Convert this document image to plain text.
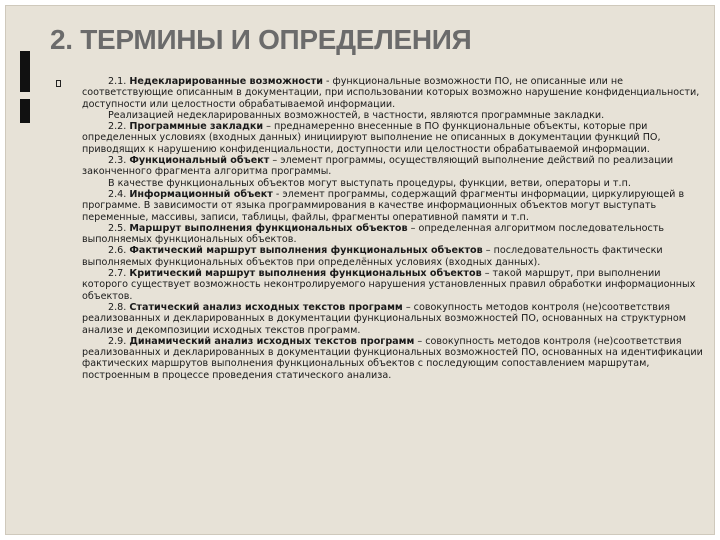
2. ТЕРМИНЫ И ОПРЕДЕЛЕНИЯ

2.1. Недекларированные возможности - функциональные возможности ПО, не описанные или не соответствующие описанным в документации, при использовании которых возможно нарушение конфиденциальности, доступности или целостности обрабатываемой информации.

Реализацией недекларированных возможностей, в частности, являются программные закладки.

2.2. Программные закладки – преднамеренно внесенные в ПО функциональные объекты, которые при определенных условиях (входных данных) инициируют выполнение не описанных в документации функций ПО, приводящих к нарушению конфиденциальности, доступности или целостности обрабатываемой информации.

2.3. Функциональный объект – элемент программы, осуществляющий выполнение действий по реализации законченного фрагмента алгоритма программы.

В качестве функциональных объектов могут выступать процедуры, функции, ветви, операторы и т.п.

2.4. Информационный объект - элемент программы, содержащий фрагменты информации, циркулирующей в программе. В зависимости от языка программирования в качестве информационных объектов могут выступать переменные, массивы, записи, таблицы, файлы, фрагменты оперативной памяти и т.п.

2.5. Маршрут выполнения функциональных объектов – определенная алгоритмом последовательность выполняемых функциональных объектов.

2.6. Фактический маршрут выполнения функциональных объектов – последовательность фактически выполняемых функциональных объектов при определённых условиях (входных данных).

2.7. Критический маршрут выполнения функциональных объектов – такой маршрут, при выполнении которого существует возможность неконтролируемого нарушения установленных правил обработки информационных объектов.

2.8. Статический анализ исходных текстов программ – совокупность методов контроля (не)соответствия реализованных и декларированных в документации функциональных возможностей ПО, основанных на структурном анализе и декомпозиции исходных текстов программ.

2.9. Динамический анализ исходных текстов программ – совокупность методов контроля (не)соответствия реализованных и декларированных в документации функциональных возможностей ПО, основанных на идентификации фактических маршрутов выполнения функциональных объектов с последующим сопоставлением маршрутам, построенным в процессе проведения статического анализа.
